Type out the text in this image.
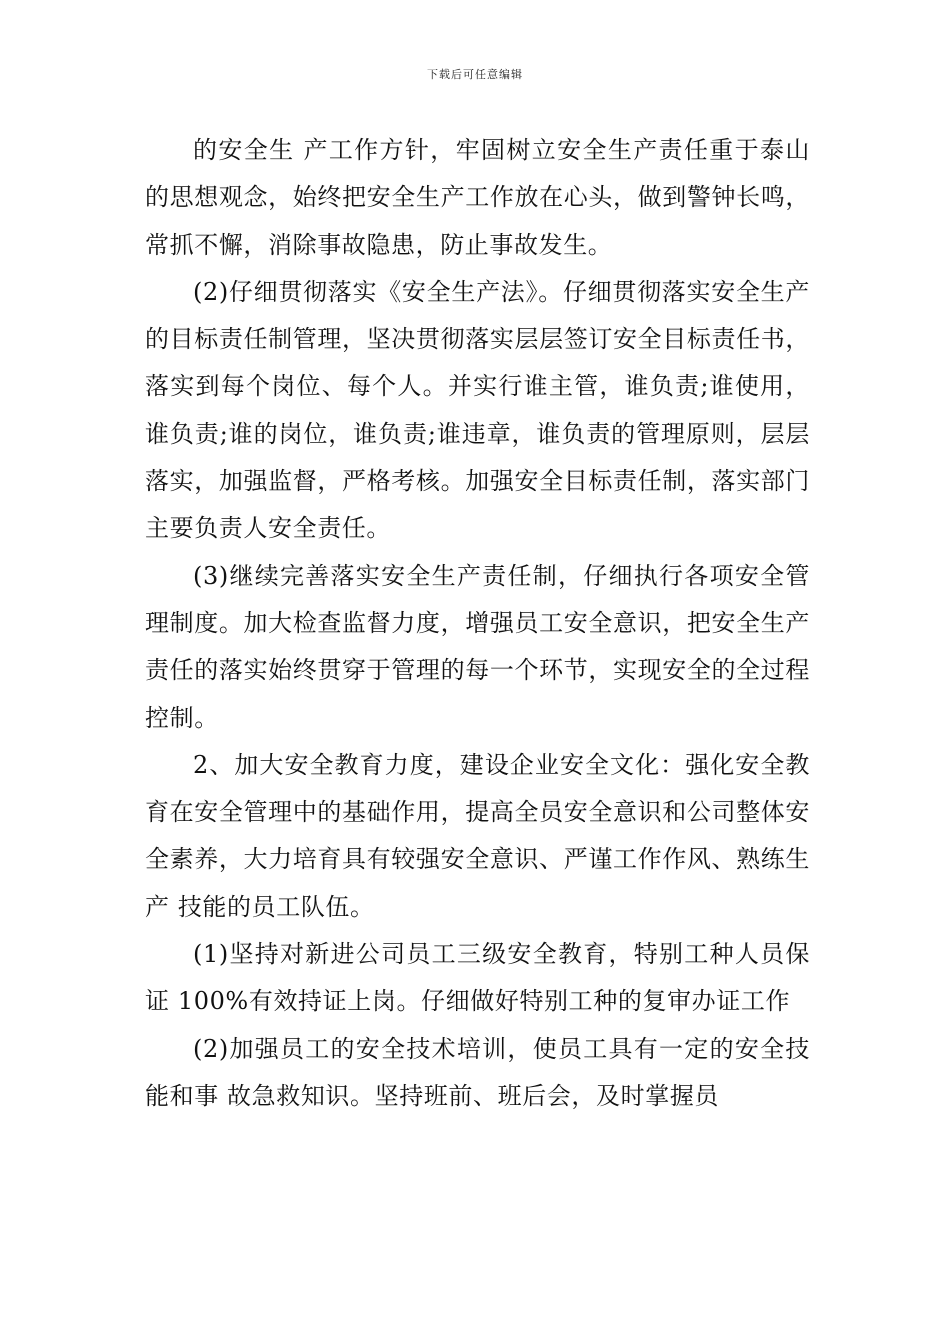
下载后可任意编辑

的安全生 产工作方针，牢固树立安全生产责任重于泰山的思想观念，始终把安全生产工作放在心头，做到警钟长鸣，常抓不懈，消除事故隐患，防止事故发生。

(2)仔细贯彻落实《安全生产法》。仔细贯彻落实安全生产的目标责任制管理，坚决贯彻落实层层签订安全目标责任书，落实到每个岗位、每个人。并实行谁主管，谁负责;谁使用，谁负责;谁的岗位，谁负责;谁违章，谁负责的管理原则，层层落实，加强监督，严格考核。加强安全目标责任制，落实部门主要负责人安全责任。

(3)继续完善落实安全生产责任制，仔细执行各项安全管理制度。加大检查监督力度，增强员工安全意识，把安全生产责任的落实始终贯穿于管理的每一个环节，实现安全的全过程控制。

2、加大安全教育力度，建设企业安全文化：强化安全教育在安全管理中的基础作用，提高全员安全意识和公司整体安全素养，大力培育具有较强安全意识、严谨工作作风、熟练生产 技能的员工队伍。

(1)坚持对新进公司员工三级安全教育，特别工种人员保证 100%有效持证上岗。仔细做好特别工种的复审办证工作

(2)加强员工的安全技术培训，使员工具有一定的安全技能和事 故急救知识。坚持班前、班后会，及时掌握员
